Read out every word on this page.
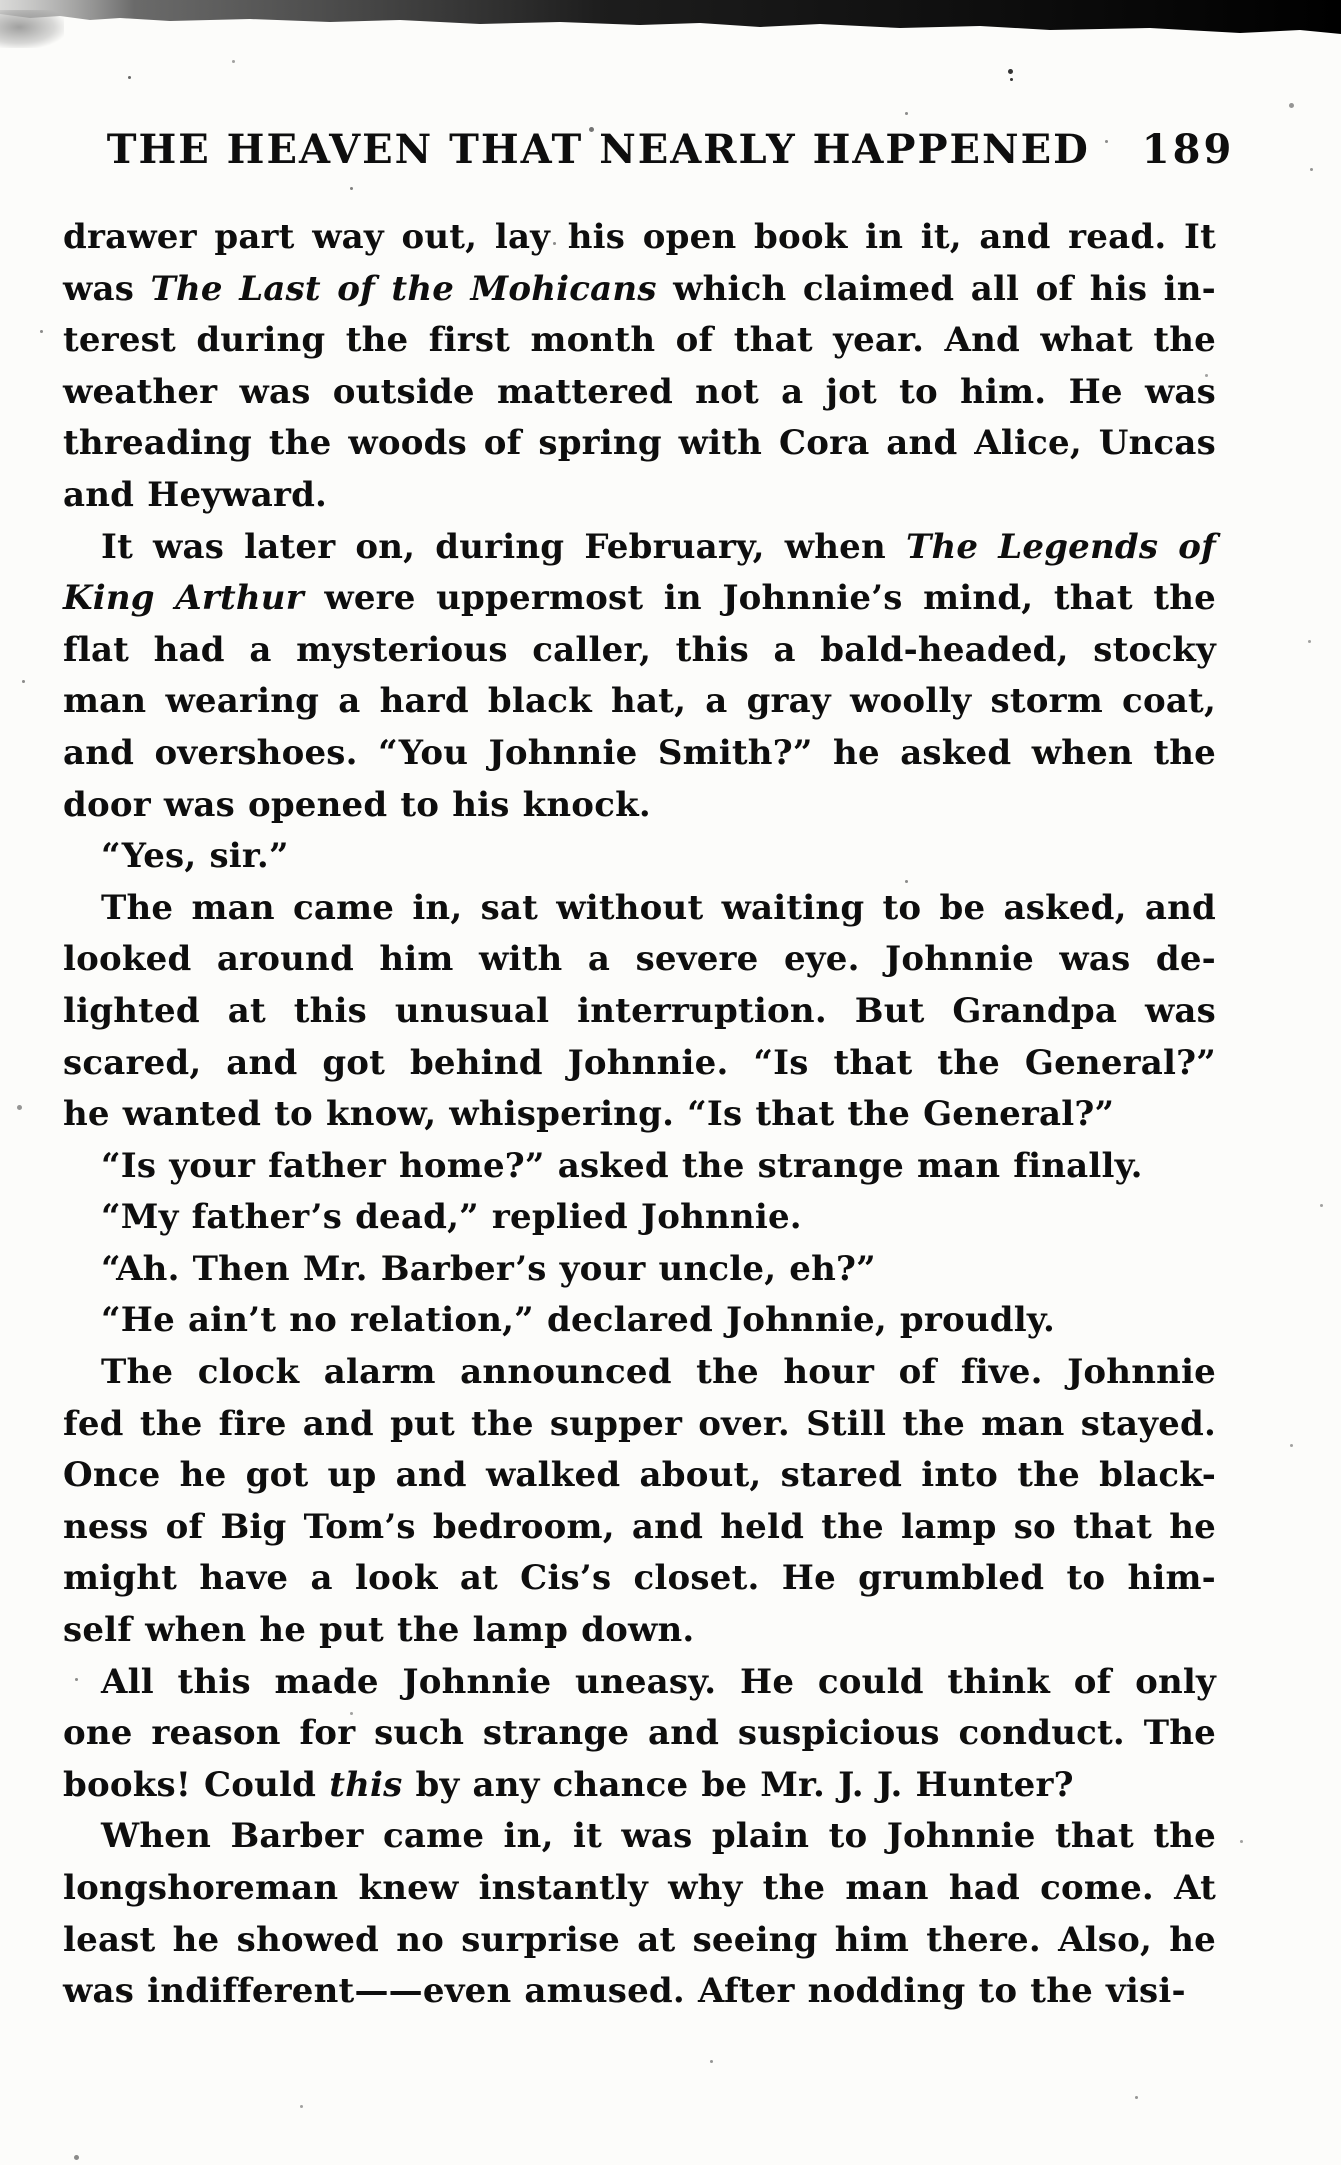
THE HEAVEN THAT NEARLY HAPPENED 189
drawer part way out, lay his open book in it, and read. It
was The Last of the Mohicans which claimed all of his in-
terest during the first month of that year. And what the
weather was outside mattered not a jot to him. He was
threading the woods of spring with Cora and Alice, Uncas
and Heyward.
It was later on, during February, when The Legends of
King Arthur were uppermost in Johnnie’s mind, that the
flat had a mysterious caller, this a bald-headed, stocky
man wearing a hard black hat, a gray woolly storm coat,
and overshoes. “You Johnnie Smith?” he asked when the
door was opened to his knock.
“Yes, sir.”
The man came in, sat without waiting to be asked, and
looked around him with a severe eye. Johnnie was de-
lighted at this unusual interruption. But Grandpa was
scared, and got behind Johnnie. “Is that the General?”
he wanted to know, whispering. “Is that the General?”
“Is your father home?” asked the strange man finally.
“My father’s dead,” replied Johnnie.
“Ah. Then Mr. Barber’s your uncle, eh?”
“He ain’t no relation,” declared Johnnie, proudly.
The clock alarm announced the hour of five. Johnnie
fed the fire and put the supper over. Still the man stayed.
Once he got up and walked about, stared into the black-
ness of Big Tom’s bedroom, and held the lamp so that he
might have a look at Cis’s closet. He grumbled to him-
self when he put the lamp down.
All this made Johnnie uneasy. He could think of only
one reason for such strange and suspicious conduct. The
books! Could this by any chance be Mr. J. J. Hunter?
When Barber came in, it was plain to Johnnie that the
longshoreman knew instantly why the man had come. At
least he showed no surprise at seeing him there. Also, he
was indifferent——even amused. After nodding to the visi-
